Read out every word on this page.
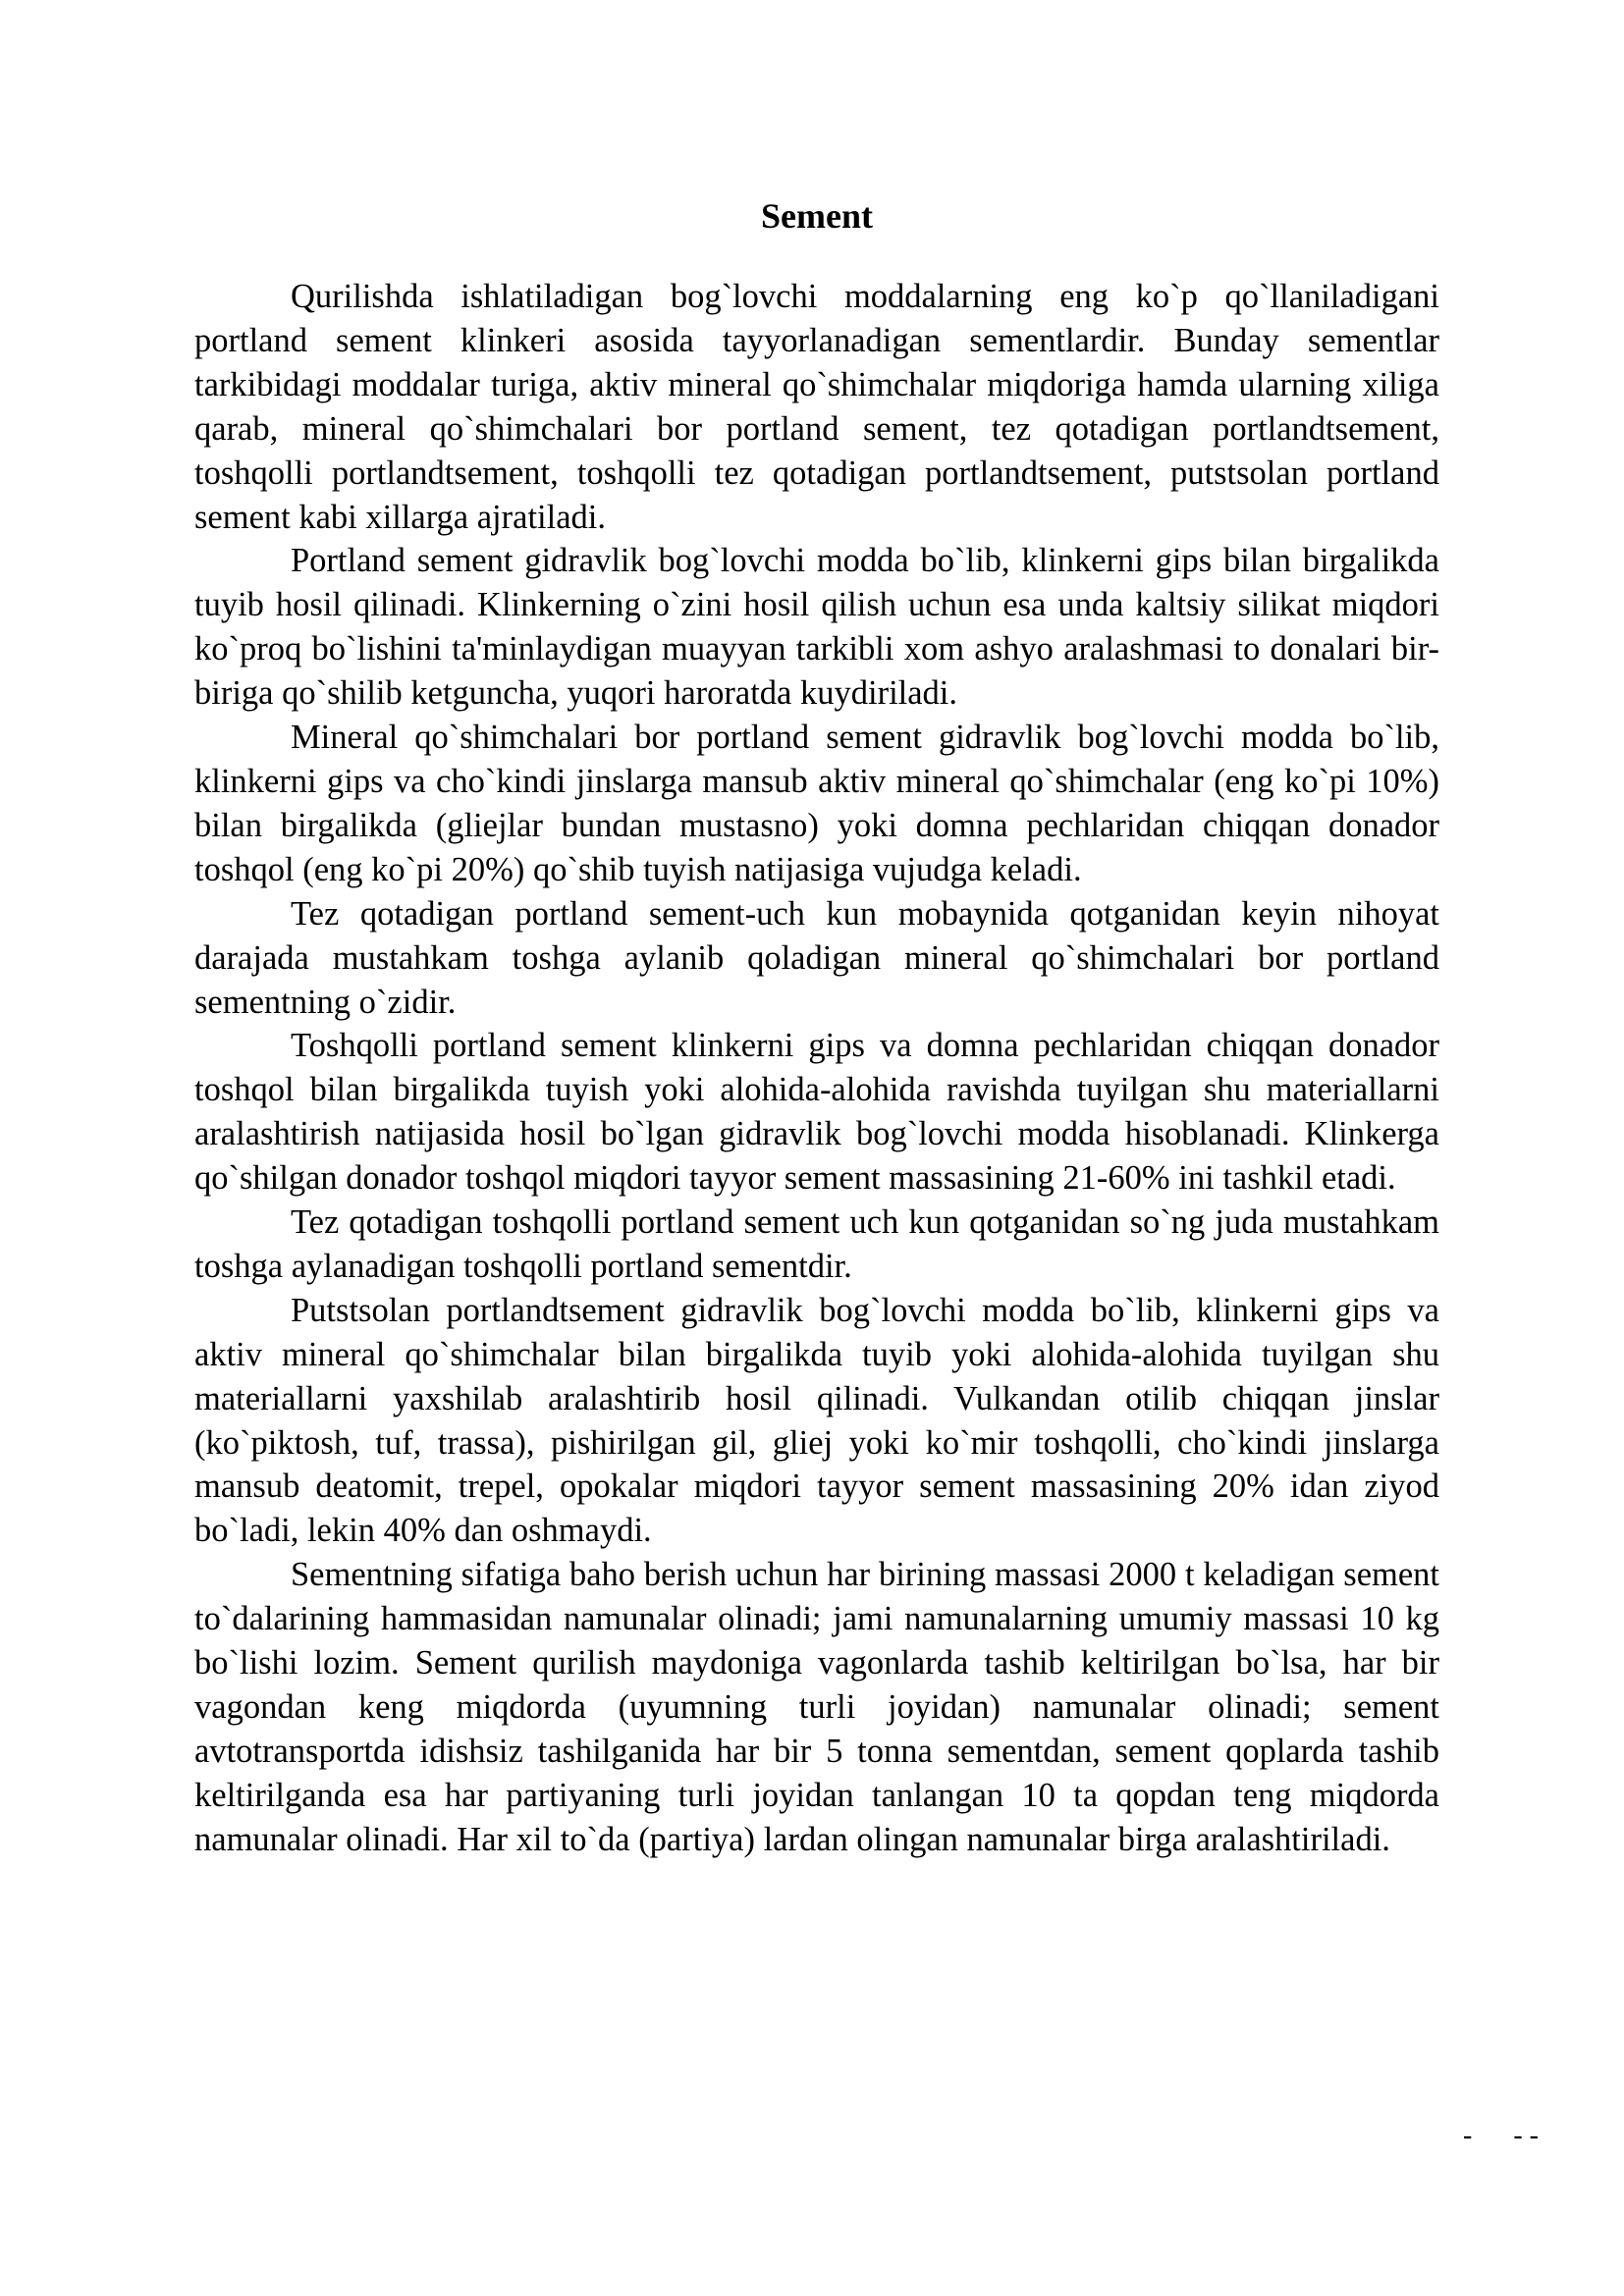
Sement

Qurilishda ishlatiladigan bog`lovchi moddalarning eng ko`p qo`llaniladigani portland sement klinkeri asosida tayyorlanadigan sementlardir. Bunday sementlar tarkibidagi moddalar turiga, aktiv mineral qo`shimchalar miqdoriga hamda ularning xiliga qarab, mineral qo`shimchalari bor portland sement, tez qotadigan portlandtsement, toshqolli portlandtsement, toshqolli tez qotadigan portlandtsement, putstsolan portland sement kabi xillarga ajratiladi.

Portland sement gidravlik bog`lovchi modda bo`lib, klinkerni gips bilan birgalikda tuyib hosil qilinadi. Klinkerning o`zini hosil qilish uchun esa unda kaltsiy silikat miqdori ko`proq bo`lishini ta'minlaydigan muayyan tarkibli xom ashyo aralashmasi to donalari bir-biriga qo`shilib ketguncha, yuqori haroratda kuydiriladi.

Mineral qo`shimchalari bor portland sement gidravlik bog`lovchi modda bo`lib, klinkerni gips va cho`kindi jinslarga mansub aktiv mineral qo`shimchalar (eng ko`pi 10%) bilan birgalikda (gliejlar bundan mustasno) yoki domna pechlaridan chiqqan donador toshqol (eng ko`pi 20%) qo`shib tuyish natijasiga vujudga keladi.

Tez qotadigan portland sement-uch kun mobaynida qotganidan keyin nihoyat darajada mustahkam toshga aylanib qoladigan mineral qo`shimchalari bor portland sementning o`zidir.

Toshqolli portland sement klinkerni gips va domna pechlaridan chiqqan donador toshqol bilan birgalikda tuyish yoki alohida-alohida ravishda tuyilgan shu materiallarni aralashtirish natijasida hosil bo`lgan gidravlik bog`lovchi modda hisoblanadi. Klinkerga qo`shilgan donador toshqol miqdori tayyor sement massasining 21-60% ini tashkil etadi.

Tez qotadigan toshqolli portland sement uch kun qotganidan so`ng juda mustahkam toshga aylanadigan toshqolli portland sementdir.

Putstsolan portlandtsement gidravlik bog`lovchi modda bo`lib, klinkerni gips va aktiv mineral qo`shimchalar bilan birgalikda tuyib yoki alohida-alohida tuyilgan shu materiallarni yaxshilab aralashtirib hosil qilinadi. Vulkandan otilib chiqqan jinslar (ko`piktosh, tuf, trassa), pishirilgan gil, gliej yoki ko`mir toshqolli, cho`kindi jinslarga mansub deatomit, trepel, opokalar miqdori tayyor sement massasining 20% idan ziyod bo`ladi, lekin 40% dan oshmaydi.

Sementning sifatiga baho berish uchun har birining massasi 2000 t keladigan sement to`dalarining hammasidan namunalar olinadi; jami namunalarning umumiy massasi 10 kg bo`lishi lozim. Sement qurilish maydoniga vagonlarda tashib keltirilgan bo`lsa, har bir vagondan keng miqdorda (uyumning turli joyidan) namunalar olinadi; sement avtotransportda idishsiz tashilganida har bir 5 tonna sementdan, sement qoplarda tashib keltirilganda esa har partiyaning turli joyidan tanlangan 10 ta qopdan teng miqdorda namunalar olinadi. Har xil to`da (partiya) lardan olingan namunalar birga aralashtiriladi.

-      - -
